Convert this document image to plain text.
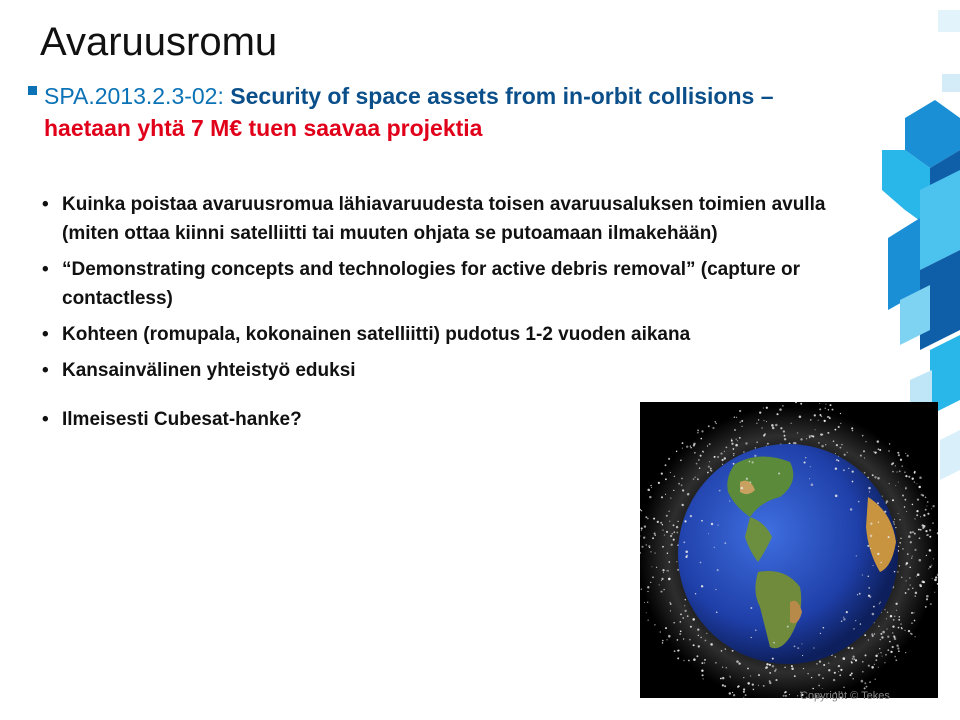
Avaruusromu
SPA.2013.2.3-02: Security of space assets from in-orbit collisions – haetaan yhtä 7 M€ tuen saavaa projektia
• Kuinka poistaa avaruusromua lähiavaruudesta toisen avaruusaluksen toimien avulla (miten ottaa kiinni satelliitti tai muuten ohjata se putoamaan ilmakehään)
• “Demonstrating concepts and technologies for active debris removal” (capture or contactless)
• Kohteen (romupala, kokonainen satelliitti) pudotus 1-2 vuoden aikana
• Kansainvälinen yhteistyö eduksi
• Ilmeisesti Cubesat-hanke?
Copyright © Tekes
